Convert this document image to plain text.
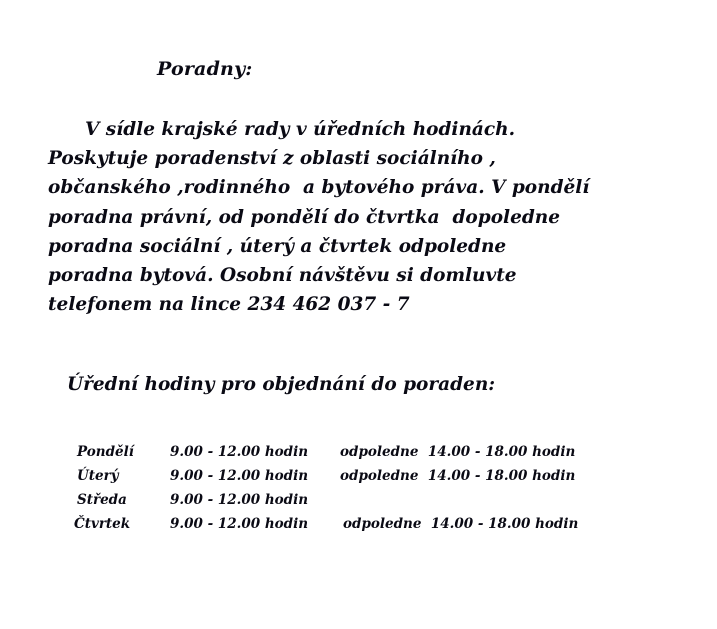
Poradny:
V sídle krajské rady v úředních hodinách.
Poskytuje poradenství z oblasti sociálního ,
občanského ,rodinného  a bytového práva. V pondělí
poradna právní, od pondělí do čtvrtka  dopoledne
poradna sociální , úterý a čtvrtek odpoledne
poradna bytová. Osobní návštěvu si domluvte
telefonem na lince 234 462 037 - 7
Úřední hodiny pro objednání do poraden:
Pondělí	9.00 - 12.00 hodin odpoledne  14.00 - 18.00 hodin
Úterý	9.00 - 12.00 hodin odpoledne  14.00 - 18.00 hodin
Středa	9.00 - 12.00 hodin
Čtvrtek	9.00 - 12.00 hodin	odpoledne  14.00 - 18.00 hodin
